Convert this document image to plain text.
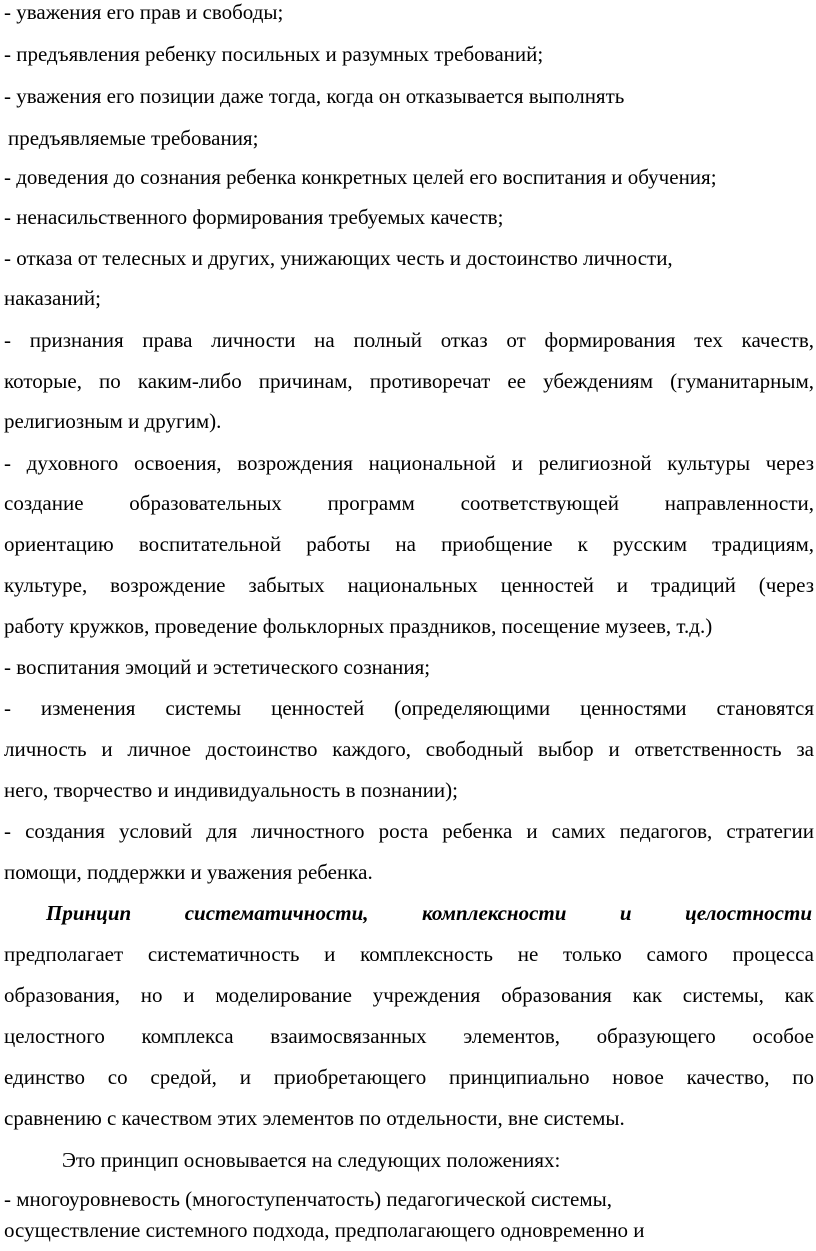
- уважения его прав и свободы;
- предъявления ребенку посильных и разумных требований;
- уважения его позиции даже тогда, когда он отказывается выполнять
предъявляемые требования;
- доведения до сознания ребенка конкретных целей его воспитания и обучения;
- ненасильственного формирования требуемых качеств;
- отказа от телесных и других, унижающих честь и достоинство личности,
наказаний;
- признания права личности на полный отказ от формирования тех качеств,
которые, по каким-либо причинам, противоречат ее убеждениям (гуманитарным,
религиозным и другим).
- духовного освоения, возрождения национальной и религиозной культуры через
создание образовательных программ соответствующей направленности,
ориентацию воспитательной работы на приобщение к русским традициям,
культуре, возрождение забытых национальных ценностей и традиций (через
работу кружков, проведение фольклорных праздников, посещение музеев, т.д.)
- воспитания эмоций и эстетического сознания;
- изменения системы ценностей (определяющими ценностями становятся
личность и личное достоинство каждого, свободный выбор и ответственность за
него, творчество и индивидуальность в познании);
- создания условий для личностного роста ребенка и самих педагогов, стратегии
помощи, поддержки и уважения ребенка.
Принцип систематичности, комплексности и целостности
предполагает систематичность и комплексность не только самого процесса
образования, но и моделирование учреждения образования как системы, как
целостного комплекса взаимосвязанных элементов, образующего особое
единство со средой, и приобретающего принципиально новое качество, по
сравнению с качеством этих элементов по отдельности, вне системы.
Это принцип основывается на следующих положениях:
- многоуровневость (многоступенчатость) педагогической системы,
осуществление системного подхода, предполагающего одновременно и
